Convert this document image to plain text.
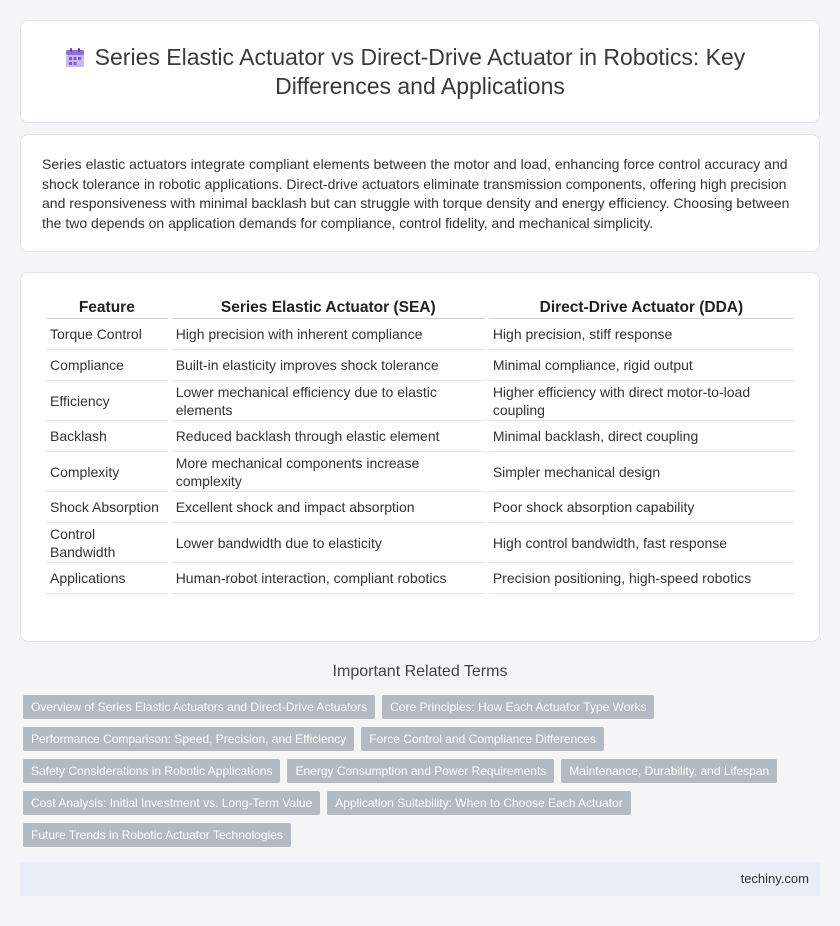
Series Elastic Actuator vs Direct-Drive Actuator in Robotics: Key Differences and Applications

Series elastic actuators integrate compliant elements between the motor and load, enhancing force control accuracy and shock tolerance in robotic applications. Direct-drive actuators eliminate transmission components, offering high precision and responsiveness with minimal backlash but can struggle with torque density and energy efficiency. Choosing between the two depends on application demands for compliance, control fidelity, and mechanical simplicity.

Feature	Series Elastic Actuator (SEA)	Direct-Drive Actuator (DDA)
Torque Control	High precision with inherent compliance	High precision, stiff response
Compliance	Built-in elasticity improves shock tolerance	Minimal compliance, rigid output
Efficiency	Lower mechanical efficiency due to elastic elements	Higher efficiency with direct motor-to-load coupling
Backlash	Reduced backlash through elastic element	Minimal backlash, direct coupling
Complexity	More mechanical components increase complexity	Simpler mechanical design
Shock Absorption	Excellent shock and impact absorption	Poor shock absorption capability
Control Bandwidth	Lower bandwidth due to elasticity	High control bandwidth, fast response
Applications	Human-robot interaction, compliant robotics	Precision positioning, high-speed robotics
Important Related Terms
Overview of Series Elastic Actuators and Direct-Drive Actuators	Core Principles: How Each Actuator Type Works
Performance Comparison: Speed, Precision, and Efficiency	Force Control and Compliance Differences
Safety Considerations in Robotic Applications	Energy Consumption and Power Requirements	Maintenance, Durability, and Lifespan
Cost Analysis: Initial Investment vs. Long-Term Value	Application Suitability: When to Choose Each Actuator
Future Trends in Robotic Actuator Technologies
techiny.com
